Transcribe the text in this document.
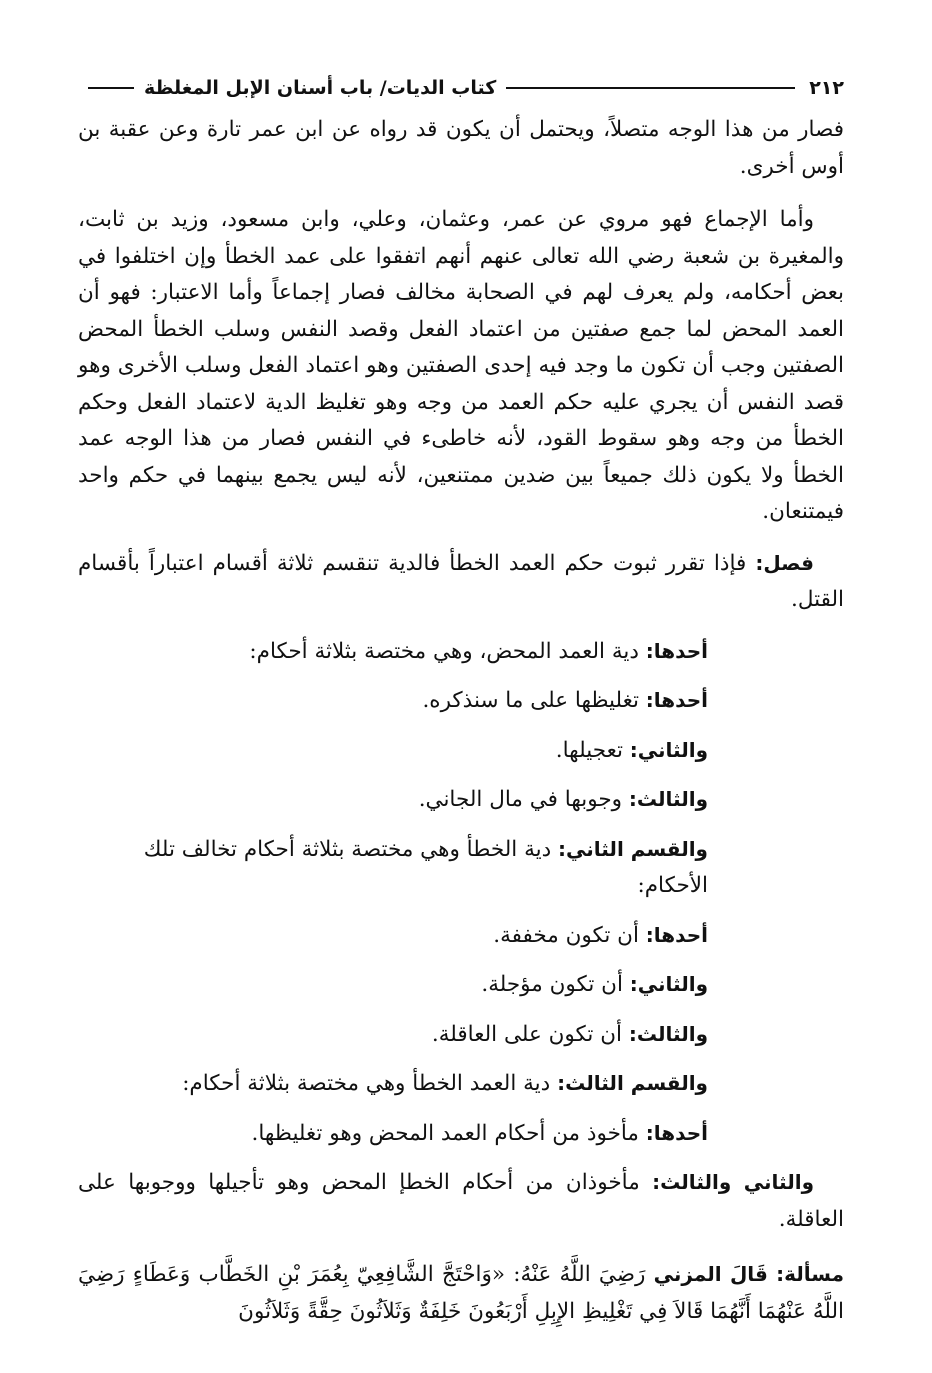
٢١٢
كتاب الديات/ باب أسنان الإبل المغلظة

فصار من هذا الوجه متصلاً، ويحتمل أن يكون قد رواه عن ابن عمر تارة وعن عقبة بن أوس أخرى.

وأما الإجماع فهو مروي عن عمر، وعثمان، وعلي، وابن مسعود، وزيد بن ثابت، والمغيرة بن شعبة رضي الله تعالى عنهم أنهم اتفقوا على عمد الخطأ وإن اختلفوا في بعض أحكامه، ولم يعرف لهم في الصحابة مخالف فصار إجماعاً وأما الاعتبار: فهو أن العمد المحض لما جمع صفتين من اعتماد الفعل وقصد النفس وسلب الخطأ المحض الصفتين وجب أن تكون ما وجد فيه إحدى الصفتين وهو اعتماد الفعل وسلب الأخرى وهو قصد النفس أن يجري عليه حكم العمد من وجه وهو تغليظ الدية لاعتماد الفعل وحكم الخطأ من وجه وهو سقوط القود، لأنه خاطىء في النفس فصار من هذا الوجه عمد الخطأ ولا يكون ذلك جميعاً بين ضدين ممتنعين، لأنه ليس يجمع بينهما في حكم واحد فيمتنعان.

فصل: فإذا تقرر ثبوت حكم العمد الخطأ فالدية تنقسم ثلاثة أقسام اعتباراً بأقسام القتل.

أحدها: دية العمد المحض، وهي مختصة بثلاثة أحكام:

أحدها: تغليظها على ما سنذكره.

والثاني: تعجيلها.

والثالث: وجوبها في مال الجاني.

والقسم الثاني: دية الخطأ وهي مختصة بثلاثة أحكام تخالف تلك الأحكام:

أحدها: أن تكون مخففة.

والثاني: أن تكون مؤجلة.

والثالث: أن تكون على العاقلة.

والقسم الثالث: دية العمد الخطأ وهي مختصة بثلاثة أحكام:

أحدها: مأخوذ من أحكام العمد المحض وهو تغليظها.

والثاني والثالث: مأخوذان من أحكام الخطإ المحض وهو تأجيلها ووجوبها على العاقلة.

مسألة: قَالَ المزني رَضِيَ اللَّهُ عَنْهُ: «وَاحْتَجَّ الشَّافِعِيّ بِعُمَرَ بْنِ الخَطَّاب وَعَطَاءٍ رَضِيَ اللَّهُ عَنْهُمَا أَنَّهُمَا قَالاَ فِي تَغْلِيظِ الإِبِلِ أَرْبَعُونَ خَلِفَةٌ وَثَلاَثُونَ حِقَّةً وَثَلاَثُونَ
